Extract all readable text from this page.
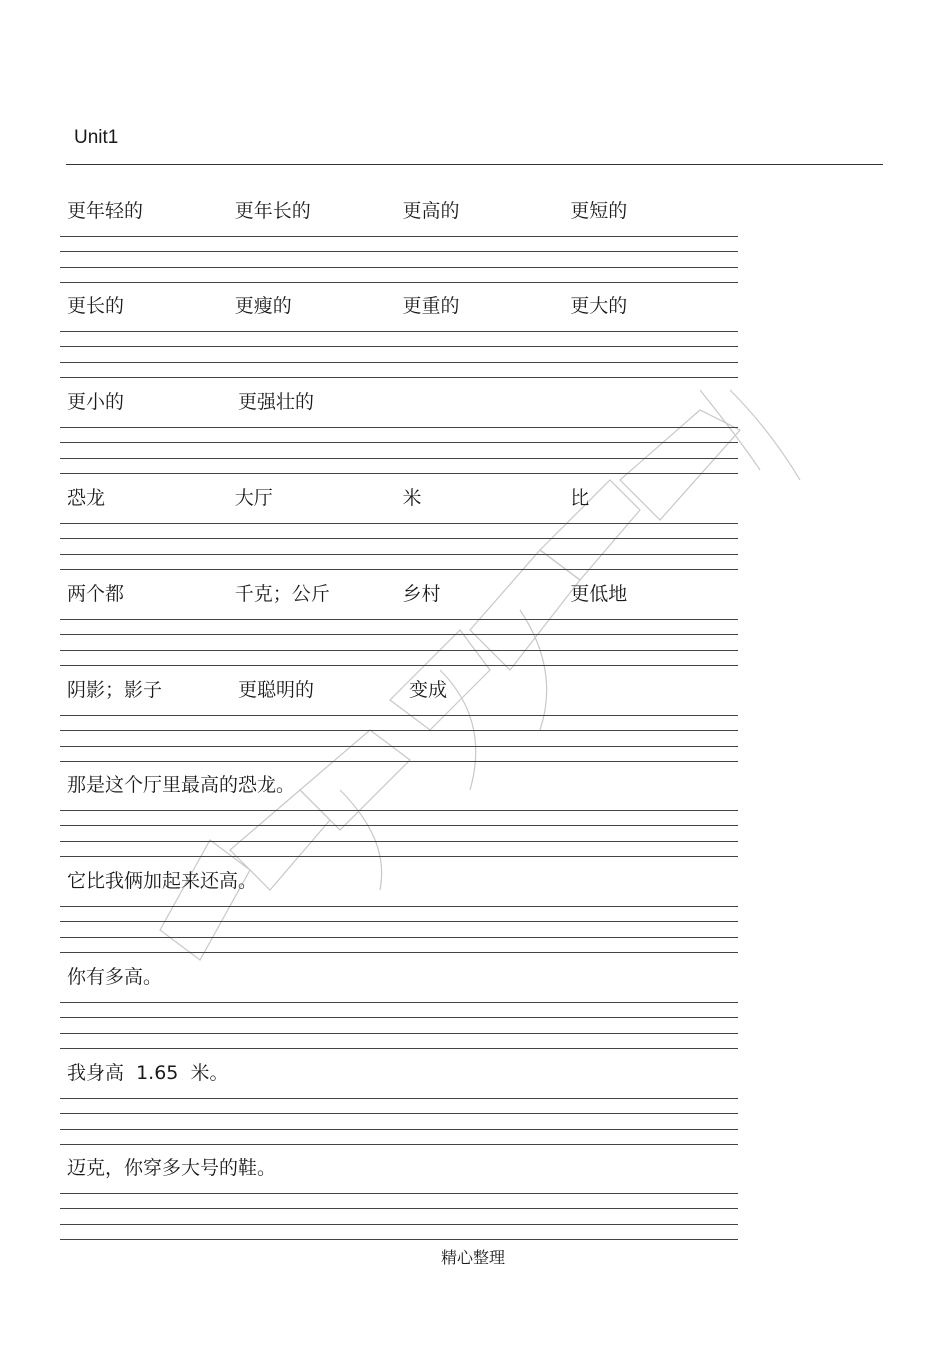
Unit1
更年轻的	更年长的	更高的	更短的
更长的	更瘦的	更重的	更大的
更小的	更强壮的
恐龙	大厅	米	比
两个都	千克；公斤	乡村	更低地
阴影；影子	更聪明的	变成
那是这个厅里最高的恐龙。
它比我俩加起来还高。
你有多高。
我身高  1.65  米。
迈克，你穿多大号的鞋。
精心整理
